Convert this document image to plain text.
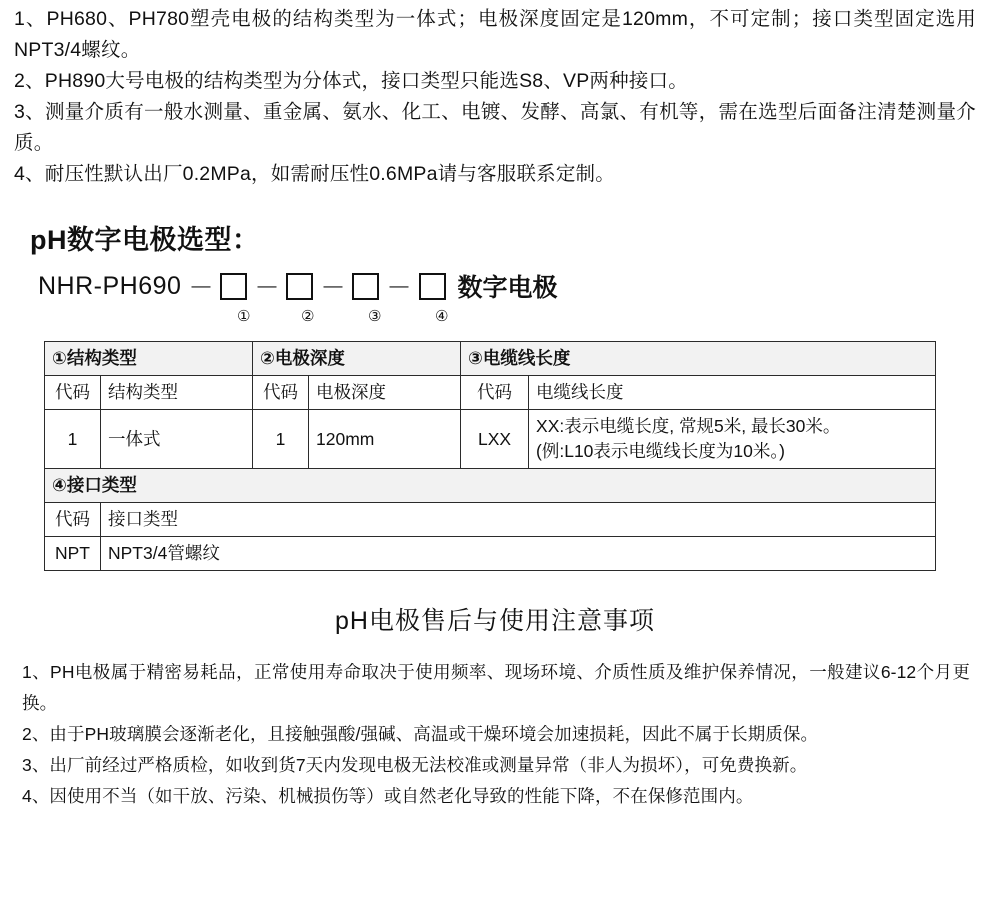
1、PH680、PH780塑壳电极的结构类型为一体式；电极深度固定是120mm，不可定制；接口类型固定选用NPT3/4螺纹。
2、PH890大号电极的结构类型为分体式，接口类型只能选S8、VP两种接口。
3、测量介质有一般水测量、重金属、氨水、化工、电镀、发酵、高氯、有机等，需在选型后面备注清楚测量介质。
4、耐压性默认出厂0.2MPa，如需耐压性0.6MPa请与客服联系定制。
pH数字电极选型：
NHR-PH690 － － － － 数字电极
①	②	③	④
①结构类型		②电极深度		③电缆线长度	
代码	结构类型	代码	电极深度	代码	电缆线长度
1	一体式	1	120mm	LXX	XX:表示电缆长度, 常规5米, 最长30米。
(例:L10表示电缆线长度为10米。)

④接口类型					
代码	接口类型				
NPT	NPT3/4管螺纹				
pH电极售后与使用注意事项
1、PH电极属于精密易耗品，正常使用寿命取决于使用频率、现场环境、介质性质及维护保养情况，一般建议6-12个月更换。
2、由于PH玻璃膜会逐渐老化，且接触强酸/强碱、高温或干燥环境会加速损耗，因此不属于长期质保。
3、出厂前经过严格质检，如收到货7天内发现电极无法校准或测量异常（非人为损坏），可免费换新。
4、因使用不当（如干放、污染、机械损伤等）或自然老化导致的性能下降，不在保修范围内。
